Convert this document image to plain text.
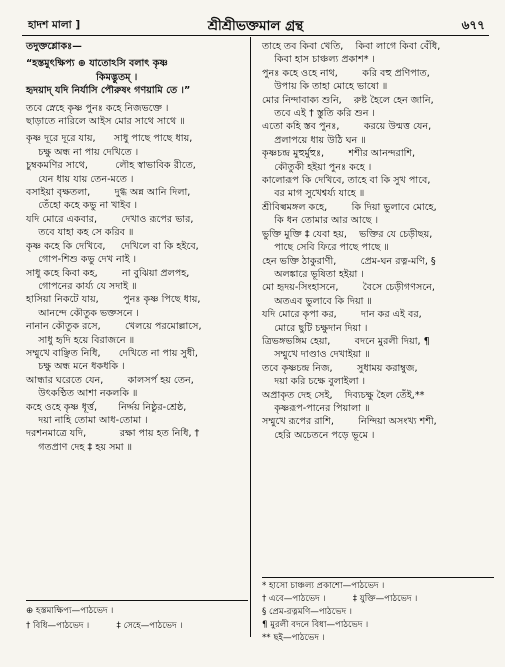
হাদশ মালা ]	শ্রীশ্রীভক্তমাল গ্রন্থ	৬৭৭
তদুক্তশ্লোকঃ—
“হস্তমুৎক্ষিপ্য ⊕ যাতোঽসি বলাৎ কৃষ্ণ
কিমদ্ভুতম্ ।
হৃদয়াদ্ যদি নির্যাসি পৌরুষং গণয়ামি তে ।”
তবে স্নেহে কৃষ্ণ পুনঃ কহে নিজভক্তে ।
ছাড়াতে নারিলে আইস মোর সাথে সাথে ॥
কৃষ্ণ দূরে দূরে যায়,      সাধু পাছে পাছে ধায়,
চক্ষু অন্ধ না পায় দেখিতে ।
চুম্বকমণির সাথে,         লৌহ স্বাভাবিক রীতে,
যেন ধায় যায় তেন-মতে ।
বসাইয়া বৃক্ষতলা,        দুগ্ধ অন্ন আনি দিলা,
তেঁহো কহে কভু না খাইব ।
যদি মোরে একবার,        দেখাও রূপের ভার,
তবে যাহা কহ সে করিব ॥
কৃষ্ণ কহে কি দেখিবে,     দেখিলে বা কি হইবে,
গোপ-শিশু কভু দেখ নাই ।
সাধু কহে কিবা কহ,        না বুঝিয়া প্রলপহ,
গোপনের কার্য্য যে সদাই ॥
হাসিয়া নিকটে যায়,        পুনঃ কৃষ্ণ পিছে ধায়,
আনন্দে কৌতুক ভক্তসনে ।
নানান কৌতুক রসে,        খেলয়ে পরমোল্লাসে,
সাধু হৃদি হয়ে বিরাজনে ॥
সম্মুখে বাঞ্ছিত নিধি,      দেখিতে না পায় সুধী,
চক্ষু অন্ধ মনে ধকধকি ।
আন্ধার ঘরেতে যেন,        কালসর্প হয় তেন,
উৎকণ্ঠিত আশা নকলকি ॥
কহে ওহে কৃষ্ণ ধূর্ত্ত,       নির্দ্দয় নিষ্ঠুর-শ্রেষ্ঠ,
দয়া নাহি তোমা আধ-তোমা ।
দরশনমাত্রে যদি,           রক্ষা পায় হত নিধি, †
গতপ্রাণ দেহ ‡ হয় সমা ॥
তাহে তব কিবা খেতি,    কিবা লাগে কিবা বেঁধি,
কিবা হাস চাঞ্চল্য প্রকাশ* ।
পুনঃ কহে ওহে নাথ,        করি বহু প্রণিপাত,
উপায় কি তাহা মোহে ভাষো ॥
মোর নিন্দাবাক্য শুনি,    রুষ্ট হৈলে হেন জানি,
তবে এই † স্তুতি করি শুন ।
এতো কহি স্তব পুনঃ,        করয়ে উন্মত্ত যেন,
প্রলাপয়ে ধায় উঠি ঘন ॥
কৃষ্ণচন্দ্র মুহুর্মুহুঃ,        শশীর আনন্দরাশি,
কৌতুকী হইয়া পুনঃ কহে ।
কালোরূপ কি দেখিবে, তাহে বা কি সুখ পাবে,
বর মাগ সুখেশ্বর্য্য যাহে ॥
শ্রীবিল্বমঙ্গল কহে,        কি দিয়া ভুলাবে মোহে,
কি ধন তোমার আর আছে ।
ভুক্তি মুক্তি ‡ যেবা হয়,    ভক্তির যে চেড়ীছয়,
পাছে সেবি ফিরে পাছে পাছে ॥
হেন ভক্তি ঠাকুরাণী,        প্রেম-ঘন রত্ন-মণি, §
অলঙ্কারে ভূষিতা হইয়া ।
মো হৃদয়-সিংহাসনে,        বৈসে চেড়ীগণসনে,
অতএব ভুলাবে কি দিয়া ॥
যদি মোরে কৃপা কর,        দান কর এই বর,
মোরে ছুটি চক্ষুদান দিয়া ।
ত্রিভঙ্গভঙ্গিম হেয়া,        বদনে মুরলী দিয়া, ¶
সম্মুখে দাণ্ডাও দেখাইয়া ॥
তবে কৃষ্ণচন্দ্র নিজ,        সুধাময় করাম্বুজ,
দয়া করি চক্ষে বুলাইলা ।
অপ্রাকৃত দেহ সেই,    দিব্যচক্ষু হৈল তেঁই,**
কৃষ্ণরূপ-পানের পিয়ালা ॥
সম্মুখে রূপের রাশি,        নিন্দিয়া অসংখ্য শশী,
হেরি অচেতনে পড়ে ভূমে ।
⊕ হস্তমাক্ষিপ্য—পাঠভেদ ।
† বিধি—পাঠভেদ ।          ‡ সেহে—পাঠভেদ ।
* হাসো চাঞ্চল্য প্রকাশো—পাঠভেদ ।
† এবে—পাঠভেদ ।          ‡ যুক্তি—পাঠভেদ ।
§ প্রেম-রত্নমণি—পাঠভেদ ।
¶ মুরলী বদনে বিধা—পাঠভেদ ।
** ছই—পাঠভেদ ।
